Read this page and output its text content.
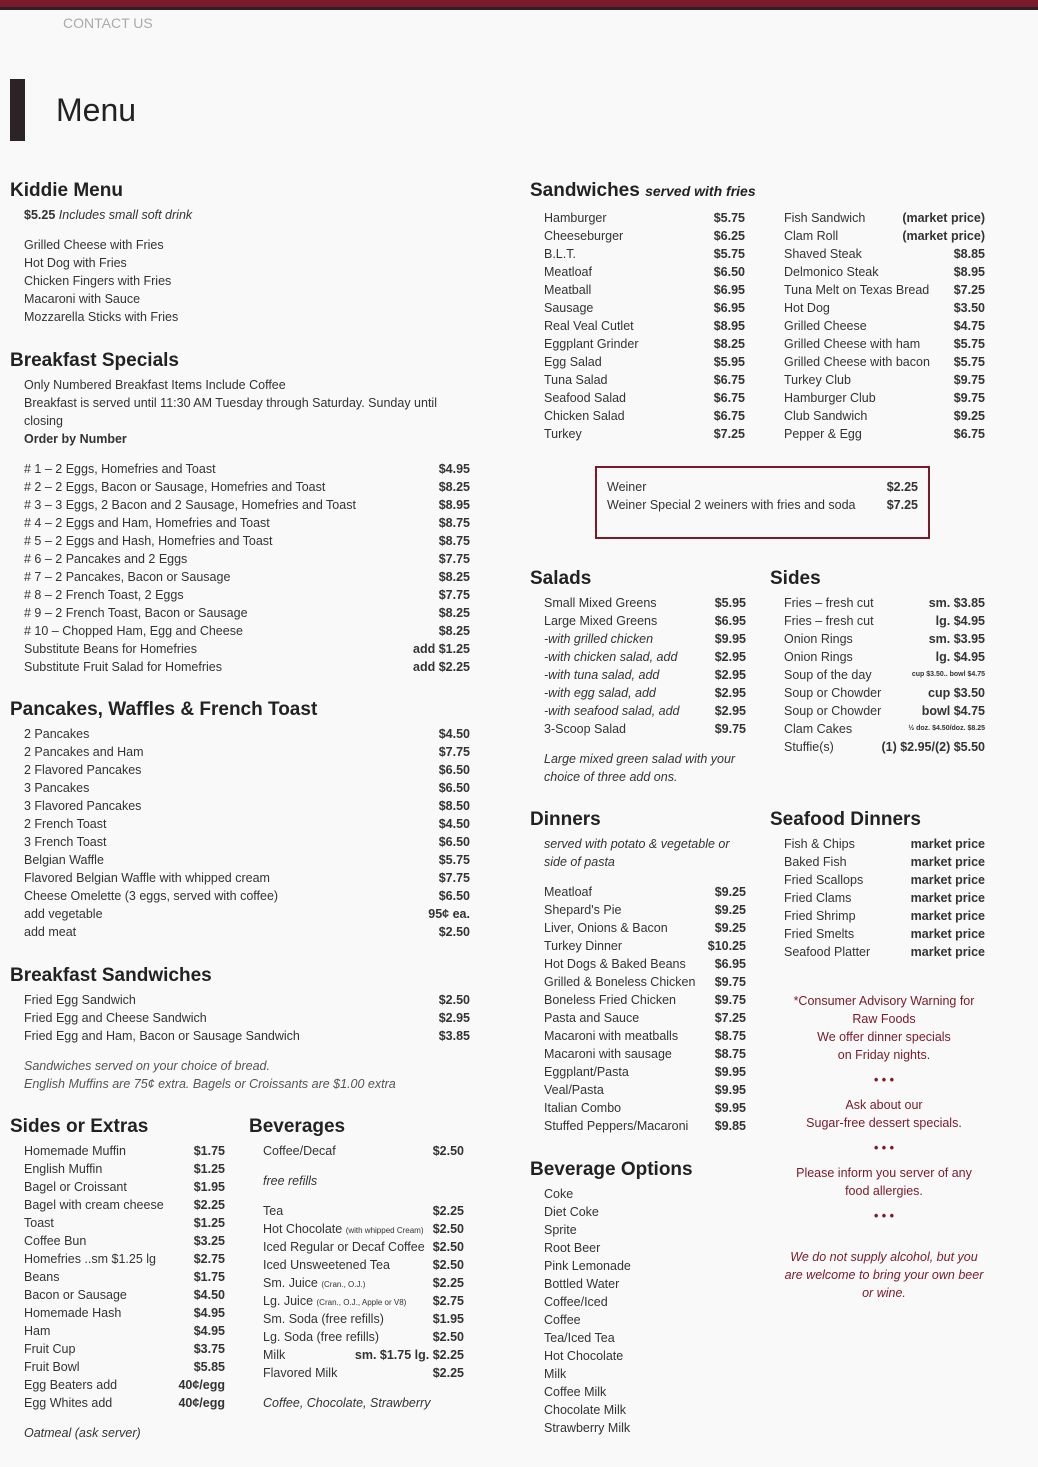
CONTACT US
Menu
Kiddie Menu
$5.25 Includes small soft drink
Grilled Cheese with Fries
Hot Dog with Fries
Chicken Fingers with Fries
Macaroni with Sauce
Mozzarella Sticks with Fries
Breakfast Specials
Only Numbered Breakfast Items Include Coffee
Breakfast is served until 11:30 AM Tuesday through Saturday. Sunday until closing
Order by Number
# 1 – 2 Eggs, Homefries and Toast	$4.95
# 2 – 2 Eggs, Bacon or Sausage, Homefries and Toast	$8.25
# 3 – 3 Eggs, 2 Bacon and 2 Sausage, Homefries and Toast	$8.95
# 4 – 2 Eggs and Ham, Homefries and Toast	$8.75
# 5 – 2 Eggs and Hash, Homefries and Toast	$8.75
# 6 – 2 Pancakes and 2 Eggs	$7.75
# 7 – 2 Pancakes, Bacon or Sausage	$8.25
# 8 – 2 French Toast, 2 Eggs	$7.75
# 9 – 2 French Toast, Bacon or Sausage	$8.25
# 10 – Chopped Ham, Egg and Cheese	$8.25
Substitute Beans for Homefries	add $1.25
Substitute Fruit Salad for Homefries	add $2.25
Pancakes, Waffles & French Toast
2 Pancakes	$4.50
2 Pancakes and Ham	$7.75
2 Flavored Pancakes	$6.50
3 Pancakes	$6.50
3 Flavored Pancakes	$8.50
2 French Toast	$4.50
3 French Toast	$6.50
Belgian Waffle	$5.75
Flavored Belgian Waffle with whipped cream	$7.75
Cheese Omelette (3 eggs, served with coffee)	$6.50
add vegetable	95¢ ea.
add meat	$2.50
Breakfast Sandwiches
Fried Egg Sandwich	$2.50
Fried Egg and Cheese Sandwich	$2.95
Fried Egg and Ham, Bacon or Sausage Sandwich	$3.85
Sandwiches served on your choice of bread.
English Muffins are 75¢ extra. Bagels or Croissants are $1.00 extra
Sides or Extras
Homemade Muffin	$1.75
English Muffin	$1.25
Bagel or Croissant	$1.95
Bagel with cream cheese $2.25
Toast	$1.25
Coffee Bun	$3.25
Homefries ..sm $1.25 lg	$2.75
Beans	$1.75
Bacon or Sausage	$4.50
Homemade Hash	$4.95
Ham	$4.95
Fruit Cup	$3.75
Fruit Bowl	$5.85
Egg Beaters add	40¢/egg
Egg Whites add	40¢/egg
Oatmeal (ask server)
Beverages
Coffee/Decaf	$2.50
free refills
Tea	$2.25
Hot Chocolate (with whipped Cream) $2.50
Iced Regular or Decaf Coffee $2.50
Iced Unsweetened Tea	$2.50
Sm. Juice (Cran., O.J.)	$2.25
Lg. Juice (Cran., O.J., Apple or V8) $2.75
Sm. Soda (free refills)	$1.95
Lg. Soda (free refills)	$2.50
Milk	sm. $1.75 lg. $2.25
Flavored Milk	$2.25
Coffee, Chocolate, Strawberry
Sandwiches served with fries
Hamburger	$5.75
Cheeseburger	$6.25
B.L.T.	$5.75
Meatloaf	$6.50
Meatball	$6.95
Sausage	$6.95
Real Veal Cutlet	$8.95
Eggplant Grinder	$8.25
Egg Salad	$5.95
Tuna Salad	$6.75
Seafood Salad	$6.75
Chicken Salad	$6.75
Turkey	$7.25
Fish Sandwich	(market price)
Clam Roll	(market price)
Shaved Steak	$8.85
Delmonico Steak	$8.95
Tuna Melt on Texas Bread $7.25
Hot Dog	$3.50
Grilled Cheese	$4.75
Grilled Cheese with ham	$5.75
Grilled Cheese with bacon $5.75
Turkey Club	$9.75
Hamburger Club	$9.75
Club Sandwich	$9.25
Pepper & Egg	$6.75
Weiner	$2.25
Weiner Special 2 weiners with fries and soda $7.25
Salads
Small Mixed Greens	$5.95
Large Mixed Greens	$6.95
-with grilled chicken	$9.95
-with chicken salad, add	$2.95
-with tuna salad, add	$2.95
-with egg salad, add	$2.95
-with seafood salad, add	$2.95
3-Scoop Salad	$9.75
Large mixed green salad with your choice of three add ons.
Sides
Fries – fresh cut	sm. $3.85
Fries – fresh cut	lg. $4.95
Onion Rings	sm. $3.95
Onion Rings	lg. $4.95
Soup of the day	cup $3.50.. bowl $4.75
Soup or Chowder	cup $3.50
Soup or Chowder	bowl $4.75
Clam Cakes	½ doz. $4.50/doz. $8.25
Stuffie(s)	(1) $2.95/(2) $5.50
Dinners
served with potato & vegetable or side of pasta
Meatloaf	$9.25
Shepard's Pie	$9.25
Liver, Onions & Bacon	$9.25
Turkey Dinner	$10.25
Hot Dogs & Baked Beans $6.95
Grilled & Boneless Chicken $9.75
Boneless Fried Chicken	$9.75
Pasta and Sauce	$7.25
Macaroni with meatballs	$8.75
Macaroni with sausage	$8.75
Eggplant/Pasta	$9.95
Veal/Pasta	$9.95
Italian Combo	$9.95
Stuffed Peppers/Macaroni $9.85
Seafood Dinners
Fish & Chips	market price
Baked Fish	market price
Fried Scallops	market price
Fried Clams	market price
Fried Shrimp	market price
Fried Smelts	market price
Seafood Platter	market price
*Consumer Advisory Warning for
Raw Foods
We offer dinner specials
on Friday nights.
• • •
Ask about our
Sugar-free dessert specials.
• • •
Please inform you server of any
food allergies.
• • •
We do not supply alcohol, but you
are welcome to bring your own beer
or wine.
Beverage Options
Coke
Diet Coke
Sprite
Root Beer
Pink Lemonade
Bottled Water
Coffee/Iced
Coffee
Tea/Iced Tea
Hot Chocolate
Milk
Coffee Milk
Chocolate Milk
Strawberry Milk
